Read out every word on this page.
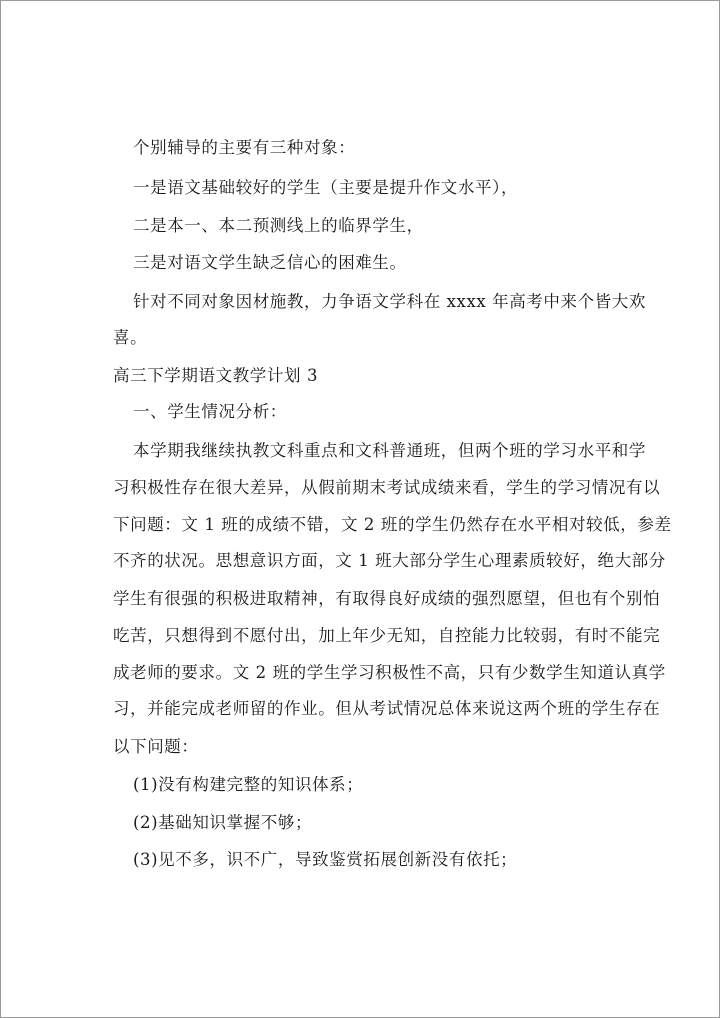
个别辅导的主要有三种对象：
一是语文基础较好的学生（主要是提升作文水平），
二是本一、本二预测线上的临界学生，
三是对语文学生缺乏信心的困难生。
针对不同对象因材施教，力争语文学科在 xxxx 年高考中来个皆大欢
喜。
高三下学期语文教学计划 3
一、学生情况分析：
本学期我继续执教文科重点和文科普通班，但两个班的学习水平和学
习积极性存在很大差异，从假前期末考试成绩来看，学生的学习情况有以
下问题：文 1 班的成绩不错，文 2 班的学生仍然存在水平相对较低，参差
不齐的状况。思想意识方面，文 1 班大部分学生心理素质较好，绝大部分
学生有很强的积极进取精神，有取得良好成绩的强烈愿望，但也有个别怕
吃苦，只想得到不愿付出，加上年少无知，自控能力比较弱，有时不能完
成老师的要求。文 2 班的学生学习积极性不高，只有少数学生知道认真学
习，并能完成老师留的作业。但从考试情况总体来说这两个班的学生存在
以下问题：
(1)没有构建完整的知识体系；
(2)基础知识掌握不够；
(3)见不多，识不广，导致鉴赏拓展创新没有依托；
